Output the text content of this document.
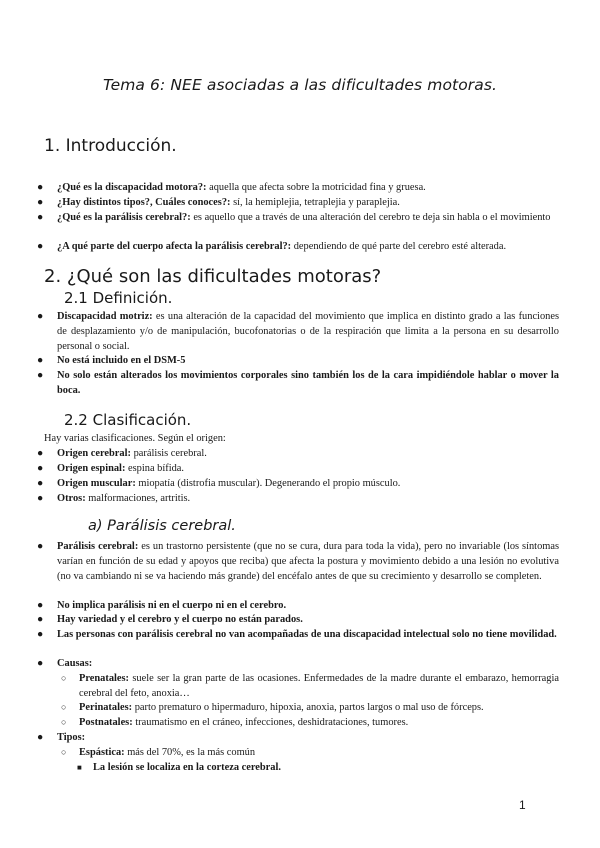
Tema 6: NEE asociadas a las dificultades motoras.
1. Introducción.
● ¿Qué es la discapacidad motora?: aquella que afecta sobre la motricidad fina y gruesa.
● ¿Hay distintos tipos?, Cuáles conoces?: sí, la hemiplejia, tetraplejia y paraplejia.
● ¿Qué es la parálisis cerebral?: es aquello que a través de una alteración del cerebro te deja sin habla o el movimiento
● ¿A qué parte del cuerpo afecta la parálisis cerebral?: dependiendo de qué parte del cerebro esté alterada.
2. ¿Qué son las dificultades motoras?
2.1 Definición.
● Discapacidad motriz: es una alteración de la capacidad del movimiento que implica en distinto grado a las funciones de desplazamiento y/o de manipulación, bucofonatorias o de la respiración que limita a la persona en su desarrollo personal o social.
● No está incluido en el DSM-5
● No solo están alterados los movimientos corporales sino también los de la cara impidiéndole hablar o mover la boca.
2.2 Clasificación.
Hay varias clasificaciones. Según el origen:
● Origen cerebral: parálisis cerebral.
● Origen espinal: espina bífida.
● Origen muscular: miopatía (distrofia muscular). Degenerando el propio músculo.
● Otros: malformaciones, artritis.
a) Parálisis cerebral.
● Parálisis cerebral: es un trastorno persistente (que no se cura, dura para toda la vida), pero no invariable (los síntomas varían en función de su edad y apoyos que reciba) que afecta la postura y movimiento debido a una lesión no evolutiva (no va cambiando ni se va haciendo más grande) del encéfalo antes de que su crecimiento y desarrollo se completen.
● No implica parálisis ni en el cuerpo ni en el cerebro.
● Hay variedad y el cerebro y el cuerpo no están parados.
● Las personas con parálisis cerebral no van acompañadas de una discapacidad intelectual solo no tiene movilidad.
● Causas:
○ Prenatales: suele ser la gran parte de las ocasiones. Enfermedades de la madre durante el embarazo, hemorragia cerebral del feto, anoxia…
○ Perinatales: parto prematuro o hipermaduro, hipoxia, anoxia, partos largos o mal uso de fórceps.
○ Postnatales: traumatismo en el cráneo, infecciones, deshidrataciones, tumores.
● Tipos:
○ Espástica: más del 70%, es la más común
■ La lesión se localiza en la corteza cerebral.
1
